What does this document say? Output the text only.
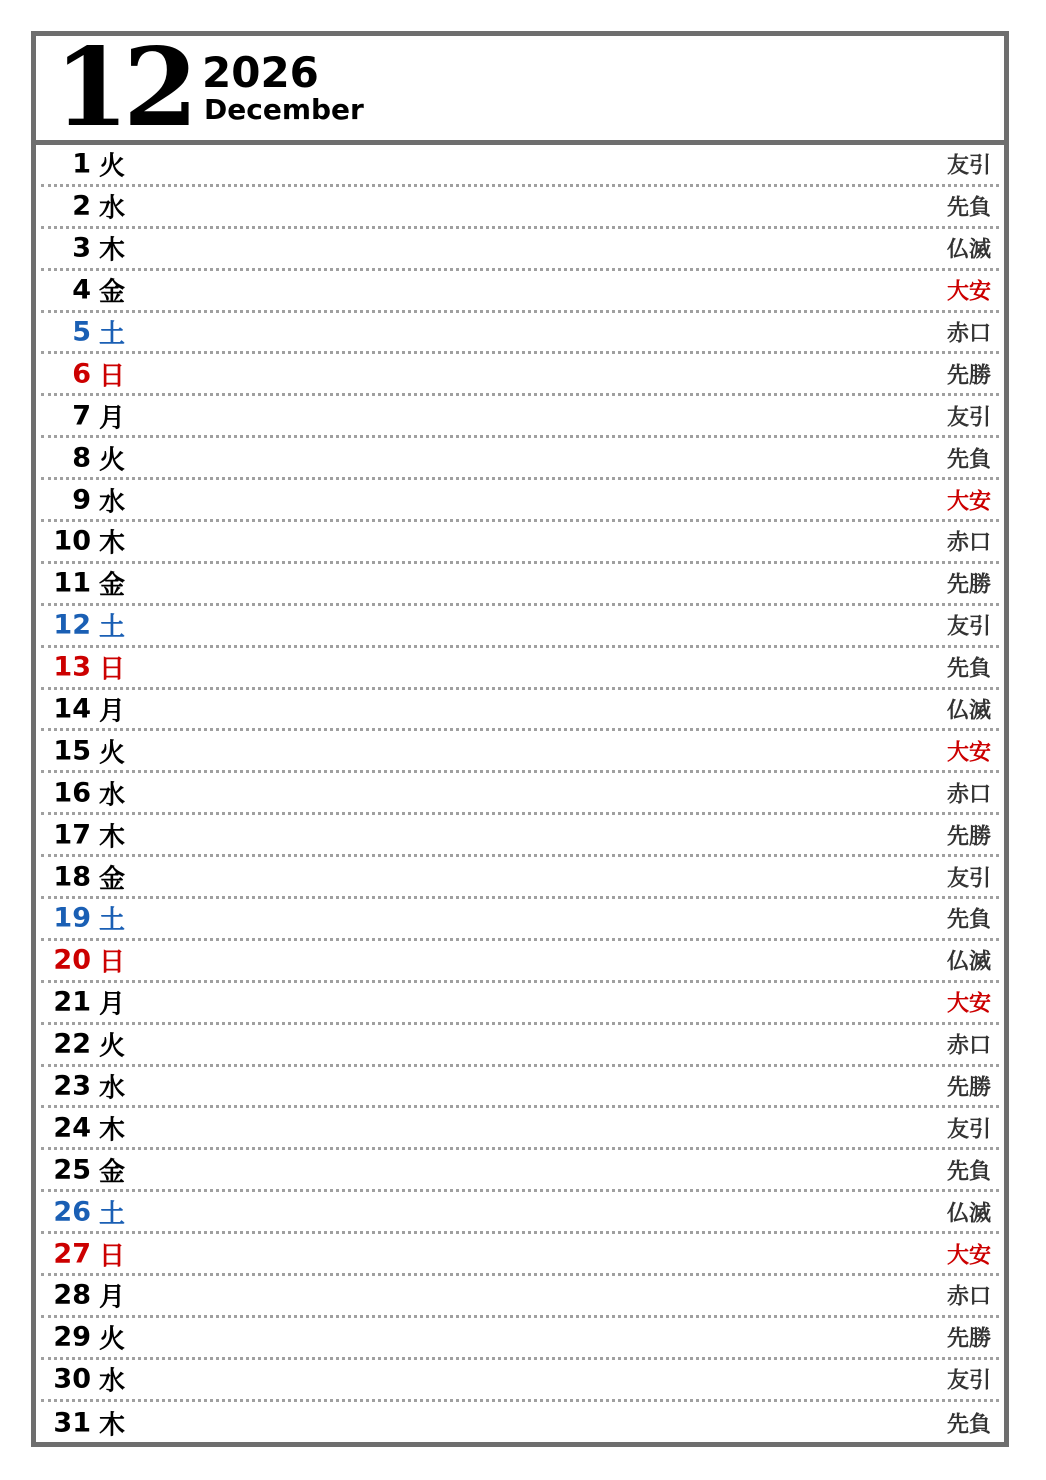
12 2026
December
1 火	友引
2 水	先負
3 木	仏滅
4 金	大安
5 土	赤口
6 日	先勝
7 月	友引
8 火	先負
9 水	大安
10 木	赤口
11 金	先勝
12 土	友引
13 日	先負
14 月	仏滅
15 火	大安
16 水	赤口
17 木	先勝
18 金	友引
19 土	先負
20 日	仏滅
21 月	大安
22 火	赤口
23 水	先勝
24 木	友引
25 金	先負
26 土	仏滅
27 日	大安
28 月	赤口
29 火	先勝
30 水	友引
31 木	先負
